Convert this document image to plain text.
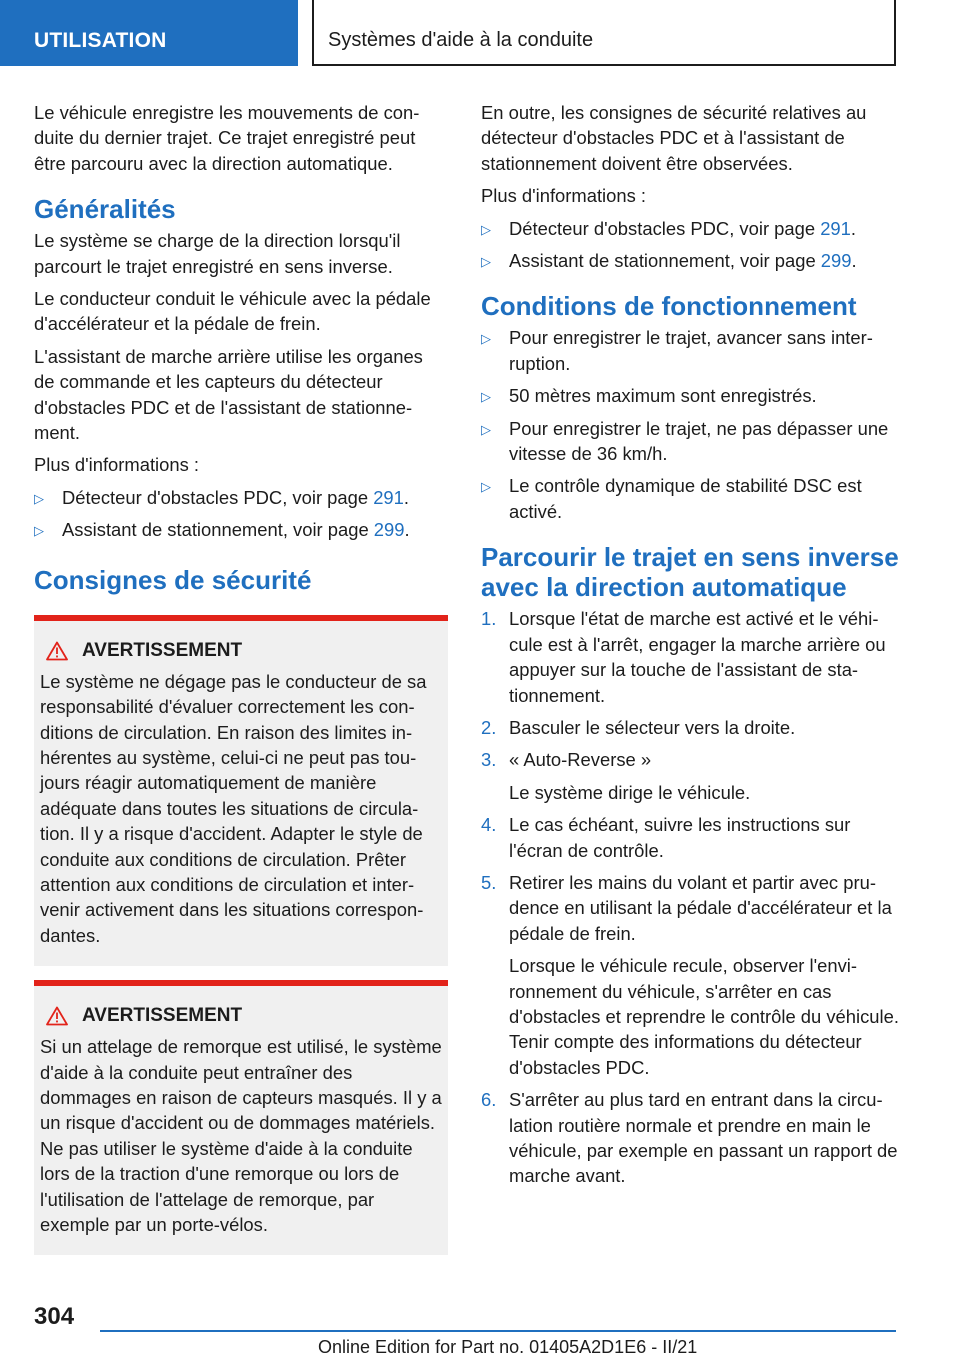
UTILISATION	Systèmes d'aide à la conduite

Le véhicule enregistre les mouvements de conduite du dernier trajet. Ce trajet enregistré peut être parcouru avec la direction automatique.

Généralités

Le système se charge de la direction lorsqu'il parcourt le trajet enregistré en sens inverse.

Le conducteur conduit le véhicule avec la pédale d'accélérateur et la pédale de frein.

L'assistant de marche arrière utilise les organes de commande et les capteurs du détecteur d'obstacles PDC et de l'assistant de stationnement.

Plus d'informations :

▷ Détecteur d'obstacles PDC, voir page 291.
▷ Assistant de stationnement, voir page 299.
Consignes de sécurité
AVERTISSEMENT

Le système ne dégage pas le conducteur de sa responsabilité d'évaluer correctement les conditions de circulation. En raison des limites inhérentes au système, celui-ci ne peut pas toujours réagir automatiquement de manière adéquate dans toutes les situations de circulation. Il y a risque d'accident. Adapter le style de conduite aux conditions de circulation. Prêter attention aux conditions de circulation et intervenir activement dans les situations correspondantes.

AVERTISSEMENT

Si un attelage de remorque est utilisé, le système d'aide à la conduite peut entraîner des dommages en raison de capteurs masqués. Il y a un risque d'accident ou de dommages matériels. Ne pas utiliser le système d'aide à la conduite lors de la traction d'une remorque ou lors de l'utilisation de l'attelage de remorque, par exemple par un porte-vélos.

En outre, les consignes de sécurité relatives au détecteur d'obstacles PDC et à l'assistant de stationnement doivent être observées.

Plus d'informations :

▷ Détecteur d'obstacles PDC, voir page 291.
▷ Assistant de stationnement, voir page 299.
Conditions de fonctionnement
▷ Pour enregistrer le trajet, avancer sans interruption.
▷ 50 mètres maximum sont enregistrés.
▷ Pour enregistrer le trajet, ne pas dépasser une vitesse de 36 km/h.
▷ Le contrôle dynamique de stabilité DSC est activé.
Parcourir le trajet en sens inverse avec la direction automatique
1. Lorsque l'état de marche est activé et le véhicule est à l'arrêt, engager la marche arrière ou appuyer sur la touche de l'assistant de stationnement.
2. Basculer le sélecteur vers la droite.
3. « Auto-Reverse »
Le système dirige le véhicule.
4. Le cas échéant, suivre les instructions sur l'écran de contrôle.
5. Retirer les mains du volant et partir avec prudence en utilisant la pédale d'accélérateur et la pédale de frein.
Lorsque le véhicule recule, observer l'environnement du véhicule, s'arrêter en cas d'obstacles et reprendre le contrôle du véhicule. Tenir compte des informations du détecteur d'obstacles PDC.
6. S'arrêter au plus tard en entrant dans la circulation routière normale et prendre en main le véhicule, par exemple en passant un rapport de marche avant.
304
Online Edition for Part no. 01405A2D1E6 - II/21
